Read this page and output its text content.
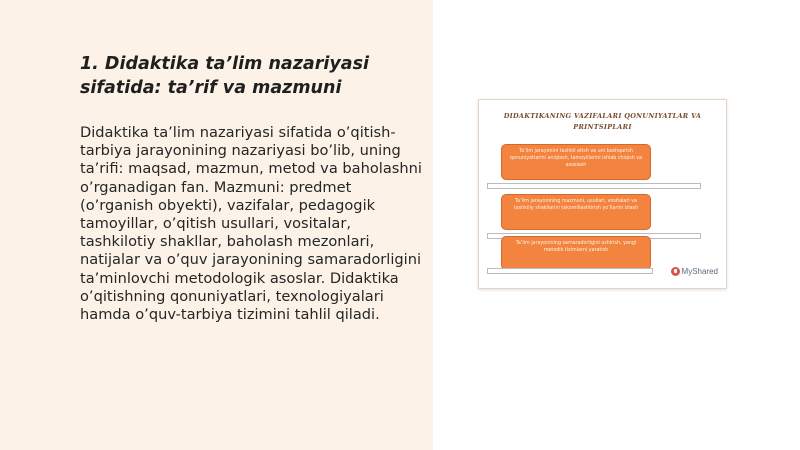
1. Didaktika ta’lim nazariyasi sifatida: ta’rif va mazmuni

Didaktika ta’lim nazariyasi sifatida o’qitish-tarbiya jarayonining nazariyasi bo’lib, uning ta’rifi: maqsad, mazmun, metod va baholashni o’rganadigan fan. Mazmuni: predmet (o’rganish obyekti), vazifalar, pedagogik tamoyillar, o’qitish usullari, vositalar, tashkilotiy shakllar, baholash mezonlari, natijalar va o’quv jarayonining samaradorligini ta’minlovchi metodologik asoslar. Didaktika o’qitishning qonuniyatlari, texnologiyalari hamda o’quv-tarbiya tizimini tahlil qiladi.

DIDAKTIKANING VAZIFALARI QONUNIYATLAR VA PRINTSIPLARI
Ta’lim jarayonini tashkil etish va uni boshqarish qonuniyatlarini aniqlash, tamoyillarini ishlab chiqish va asoslash
Ta’lim jarayonining mazmuni, usullari, vositalari va tashkiliy shakllarini takomillashtirish yo’llarini izlash
Ta’lim jarayonining samaradorligini oshirish, yangi metodik tizimlarni yaratish
MyShared
